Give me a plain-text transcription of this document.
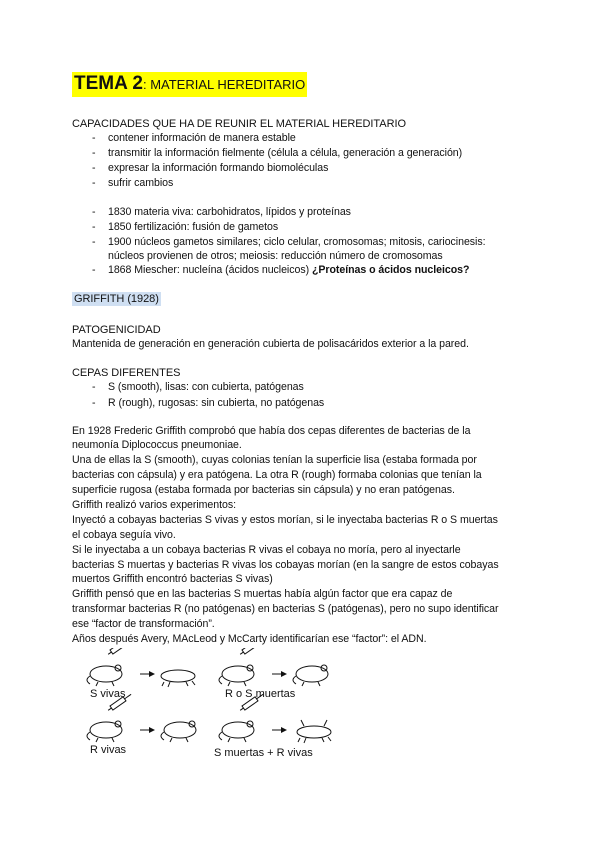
TEMA 2: MATERIAL HEREDITARIO
CAPACIDADES QUE HA DE REUNIR EL MATERIAL HEREDITARIO
- contener información de manera estable
- transmitir la información fielmente (célula a célula, generación a generación)
- expresar la información formando biomoléculas
- sufrir cambios
- 1830 materia viva: carbohidratos, lípidos y proteínas
- 1850 fertilización: fusión de gametos
- 1900 núcleos gametos similares; ciclo celular, cromosomas; mitosis, cariocinesis:
núcleos provienen de otros; meiosis: reducción número de cromosomas
- 1868 Miescher: nucleína (ácidos nucleicos) ¿Proteínas o ácidos nucleicos?
GRIFFITH (1928)
PATOGENICIDAD
Mantenida de generación en generación cubierta de polisacáridos exterior a la pared.
CEPAS DIFERENTES
- S (smooth), lisas: con cubierta, patógenas
- R (rough), rugosas: sin cubierta, no patógenas
En 1928 Frederic Griffith comprobó que había dos cepas diferentes de bacterias de la
neumonía Diplococcus pneumoniae.
Una de ellas la S (smooth), cuyas colonias tenían la superficie lisa (estaba formada por
bacterias con cápsula) y era patógena. La otra R (rough) formaba colonias que tenían la
superficie rugosa (estaba formada por bacterias sin cápsula) y no eran patógenas.
Griffith realizó varios experimentos:
Inyectó a cobayas bacterias S vivas y estos morían, si le inyectaba bacterias R o S muertas
el cobaya seguía vivo.
Si le inyectaba a un cobaya bacterias R vivas el cobaya no moría, pero al inyectarle
bacterias S muertas y bacterias R vivas los cobayas morían (en la sangre de estos cobayas
muertos Griffith encontró bacterias S vivas)
Griffith pensó que en las bacterias S muertas había algún factor que era capaz de
transformar bacterias R (no patógenas) en bacterias S (patógenas), pero no supo identificar
ese “factor de transformación”.
Años después Avery, MAcLeod y McCarty identificarían ese “factor”: el ADN.
S vivas	R o S muertas
R vivas	S muertas + R vivas
